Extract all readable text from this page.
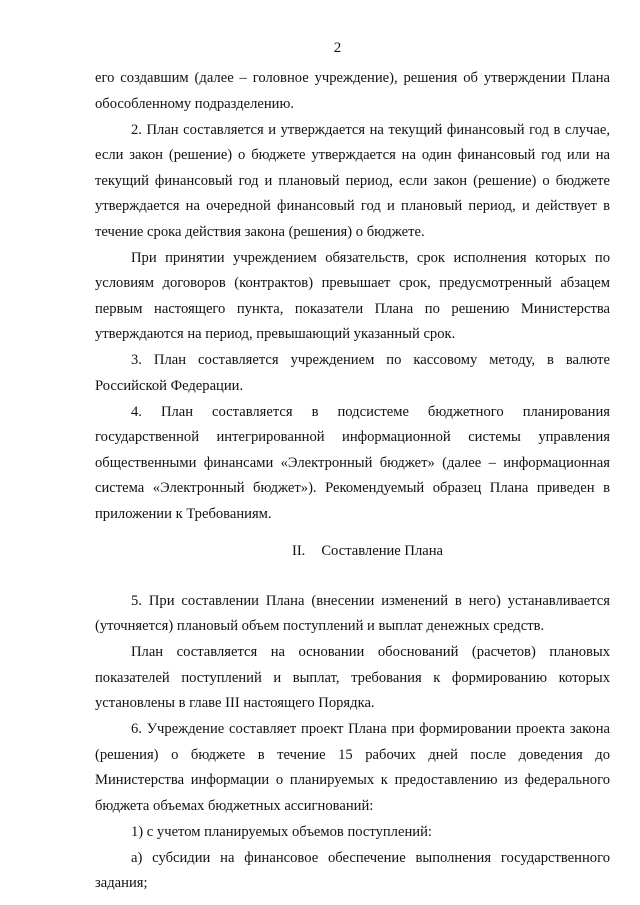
2

его создавшим (далее – головное учреждение), решения об утверждении Плана обособленному подразделению.

2. План составляется и утверждается на текущий финансовый год в случае, если закон (решение) о бюджете утверждается на один финансовый год или на текущий финансовый год и плановый период, если закон (решение) о бюджете утверждается на очередной финансовый год и плановый период, и действует в течение срока действия закона (решения) о бюджете.

При принятии учреждением обязательств, срок исполнения которых по условиям договоров (контрактов) превышает срок, предусмотренный абзацем первым настоящего пункта, показатели Плана по решению Министерства утверждаются на период, превышающий указанный срок.

3. План составляется учреждением по кассовому методу, в валюте Российской Федерации.

4. План составляется в подсистеме бюджетного планирования государственной интегрированной информационной системы управления общественными финансами «Электронный бюджет» (далее – информационная система «Электронный бюджет»). Рекомендуемый образец Плана приведен в приложении к Требованиям.

II. Составление Плана

5. При составлении Плана (внесении изменений в него) устанавливается (уточняется) плановый объем поступлений и выплат денежных средств.

План составляется на основании обоснований (расчетов) плановых показателей поступлений и выплат, требования к формированию которых установлены в главе III настоящего Порядка.

6. Учреждение составляет проект Плана при формировании проекта закона (решения) о бюджете в течение 15 рабочих дней после доведения до Министерства информации о планируемых к предоставлению из федерального бюджета объемах бюджетных ассигнований:

1) с учетом планируемых объемов поступлений:

а) субсидии на финансовое обеспечение выполнения государственного задания;
